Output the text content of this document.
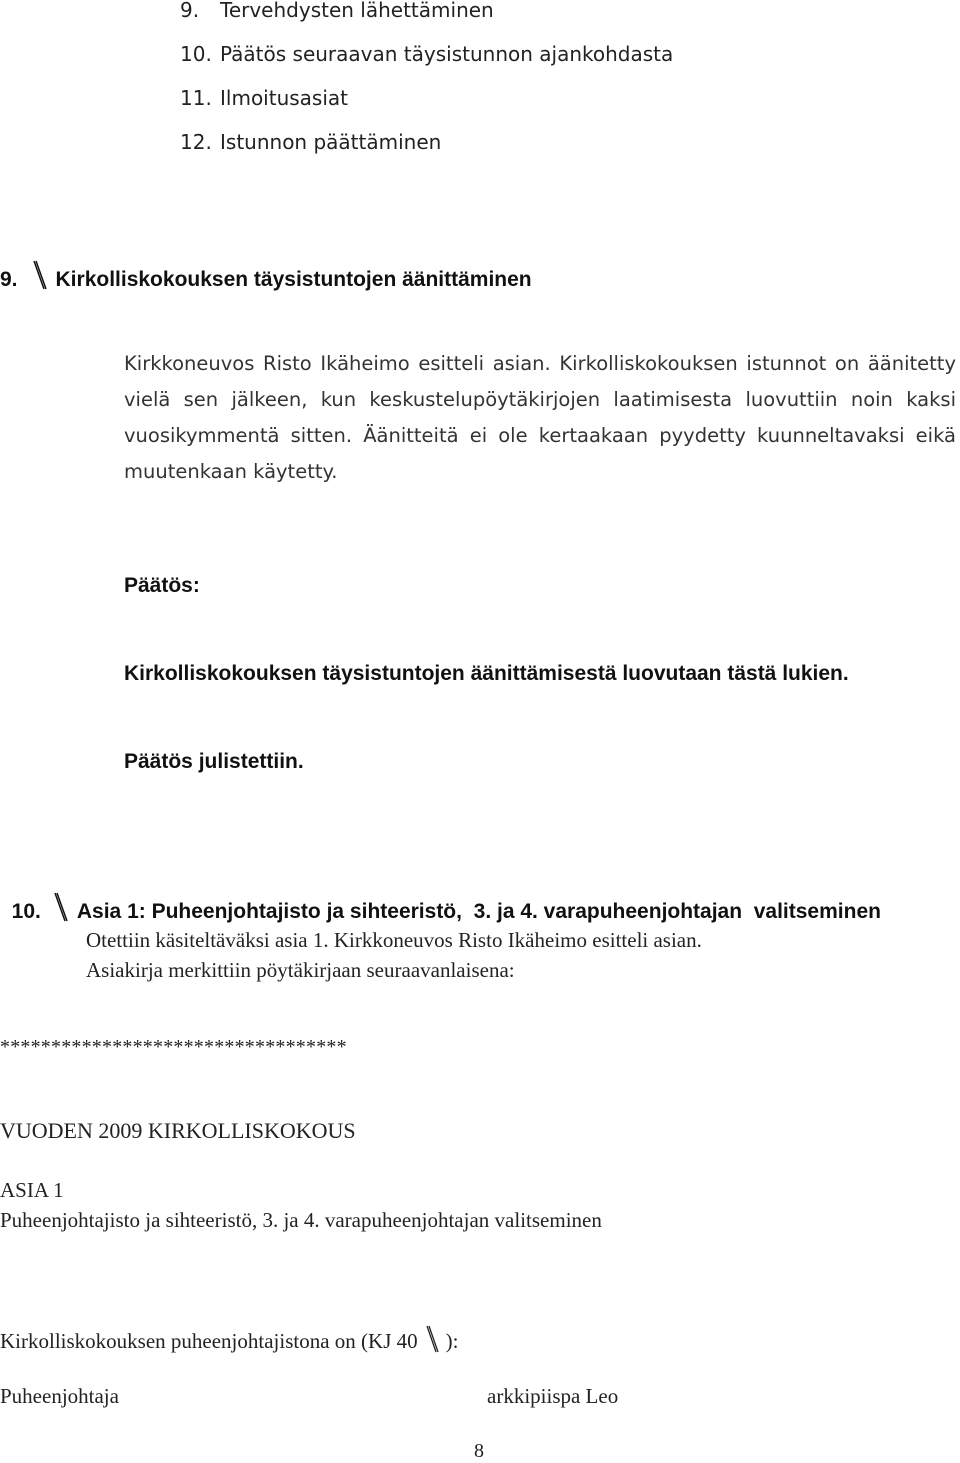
9. Tervehdysten lähettäminen
10. Päätös seuraavan täysistunnon ajankohdasta
11. Ilmoitusasiat
12. Istunnon päättäminen
9. Kirkolliskokouksen täysistuntojen äänittäminen
Kirkkoneuvos Risto Ikäheimo esitteli asian. Kirkolliskokouksen istunnot on äänitetty vielä sen jälkeen, kun keskustelupöytäkirjojen laatimisesta luovuttiin noin kaksi vuosikymmentä sitten. Äänitteitä ei ole kertaakaan pyydetty kuunneltavaksi eikä muutenkaan käytetty.
Päätös:
Kirkolliskokouksen täysistuntojen äänittämisestä luovutaan tästä lukien.
Päätös julistettiin.

10. Asia 1: Puheenjohtajisto ja sihteeristö,  3. ja 4. varapuheenjohtajan  valitseminen

Otettiin käsiteltäväksi asia 1. Kirkkoneuvos Risto Ikäheimo esitteli asian.
Asiakirja merkittiin pöytäkirjaan seuraavanlaisena:
**********************************
VUODEN 2009 KIRKOLLISKOKOUS
ASIA 1
Puheenjohtajisto ja sihteeristö, 3. ja 4. varapuheenjohtajan valitseminen
Kirkolliskokouksen puheenjohtajistona on (KJ 40 ):
Puheenjohtaja	arkkipiispa Leo
8
